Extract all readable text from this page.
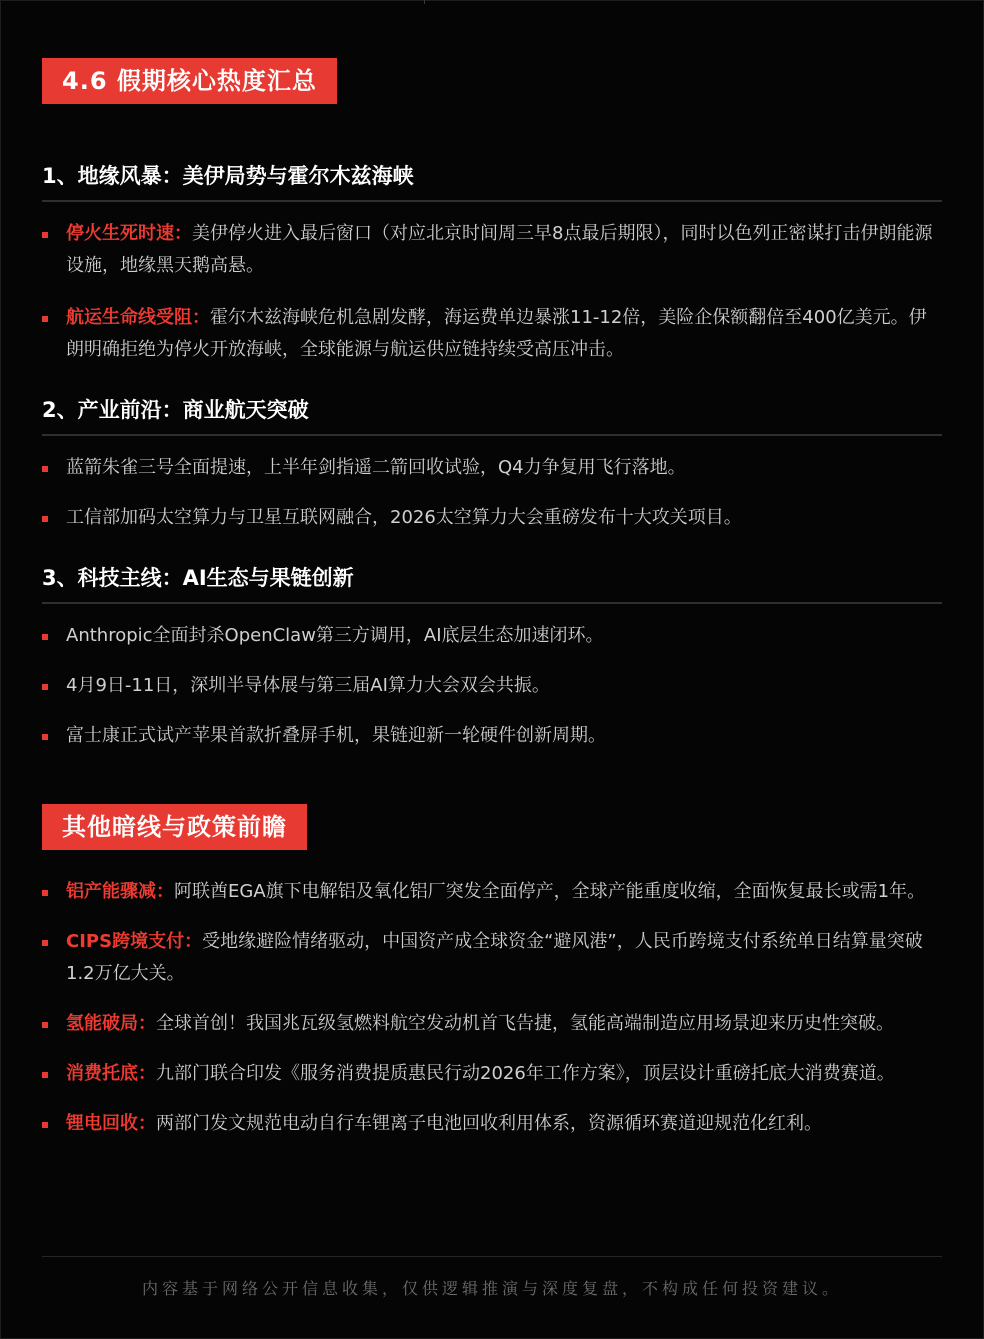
4.6 假期核心热度汇总
1、地缘风暴：美伊局势与霍尔木兹海峡
停火生死时速：美伊停火进入最后窗口（对应北京时间周三早8点最后期限），同时以色列正密谋打击伊朗能源设施，地缘黑天鹅高悬。
航运生命线受阻：霍尔木兹海峡危机急剧发酵，海运费单边暴涨11-12倍，美险企保额翻倍至400亿美元。伊朗明确拒绝为停火开放海峡，全球能源与航运供应链持续受高压冲击。
2、产业前沿：商业航天突破
蓝箭朱雀三号全面提速，上半年剑指遥二箭回收试验，Q4力争复用飞行落地。
工信部加码太空算力与卫星互联网融合，2026太空算力大会重磅发布十大攻关项目。
3、科技主线：AI生态与果链创新
Anthropic全面封杀OpenClaw第三方调用，AI底层生态加速闭环。
4月9日-11日，深圳半导体展与第三届AI算力大会双会共振。
富士康正式试产苹果首款折叠屏手机，果链迎新一轮硬件创新周期。
其他暗线与政策前瞻
铝产能骤减：阿联酋EGA旗下电解铝及氧化铝厂突发全面停产，全球产能重度收缩，全面恢复最长或需1年。
CIPS跨境支付：受地缘避险情绪驱动，中国资产成全球资金“避风港”，人民币跨境支付系统单日结算量突破1.2万亿大关。
氢能破局：全球首创！我国兆瓦级氢燃料航空发动机首飞告捷，氢能高端制造应用场景迎来历史性突破。
消费托底：九部门联合印发《服务消费提质惠民行动2026年工作方案》，顶层设计重磅托底大消费赛道。
锂电回收：两部门发文规范电动自行车锂离子电池回收利用体系，资源循环赛道迎规范化红利。
内容基于网络公开信息收集，仅供逻辑推演与深度复盘，不构成任何投资建议。
